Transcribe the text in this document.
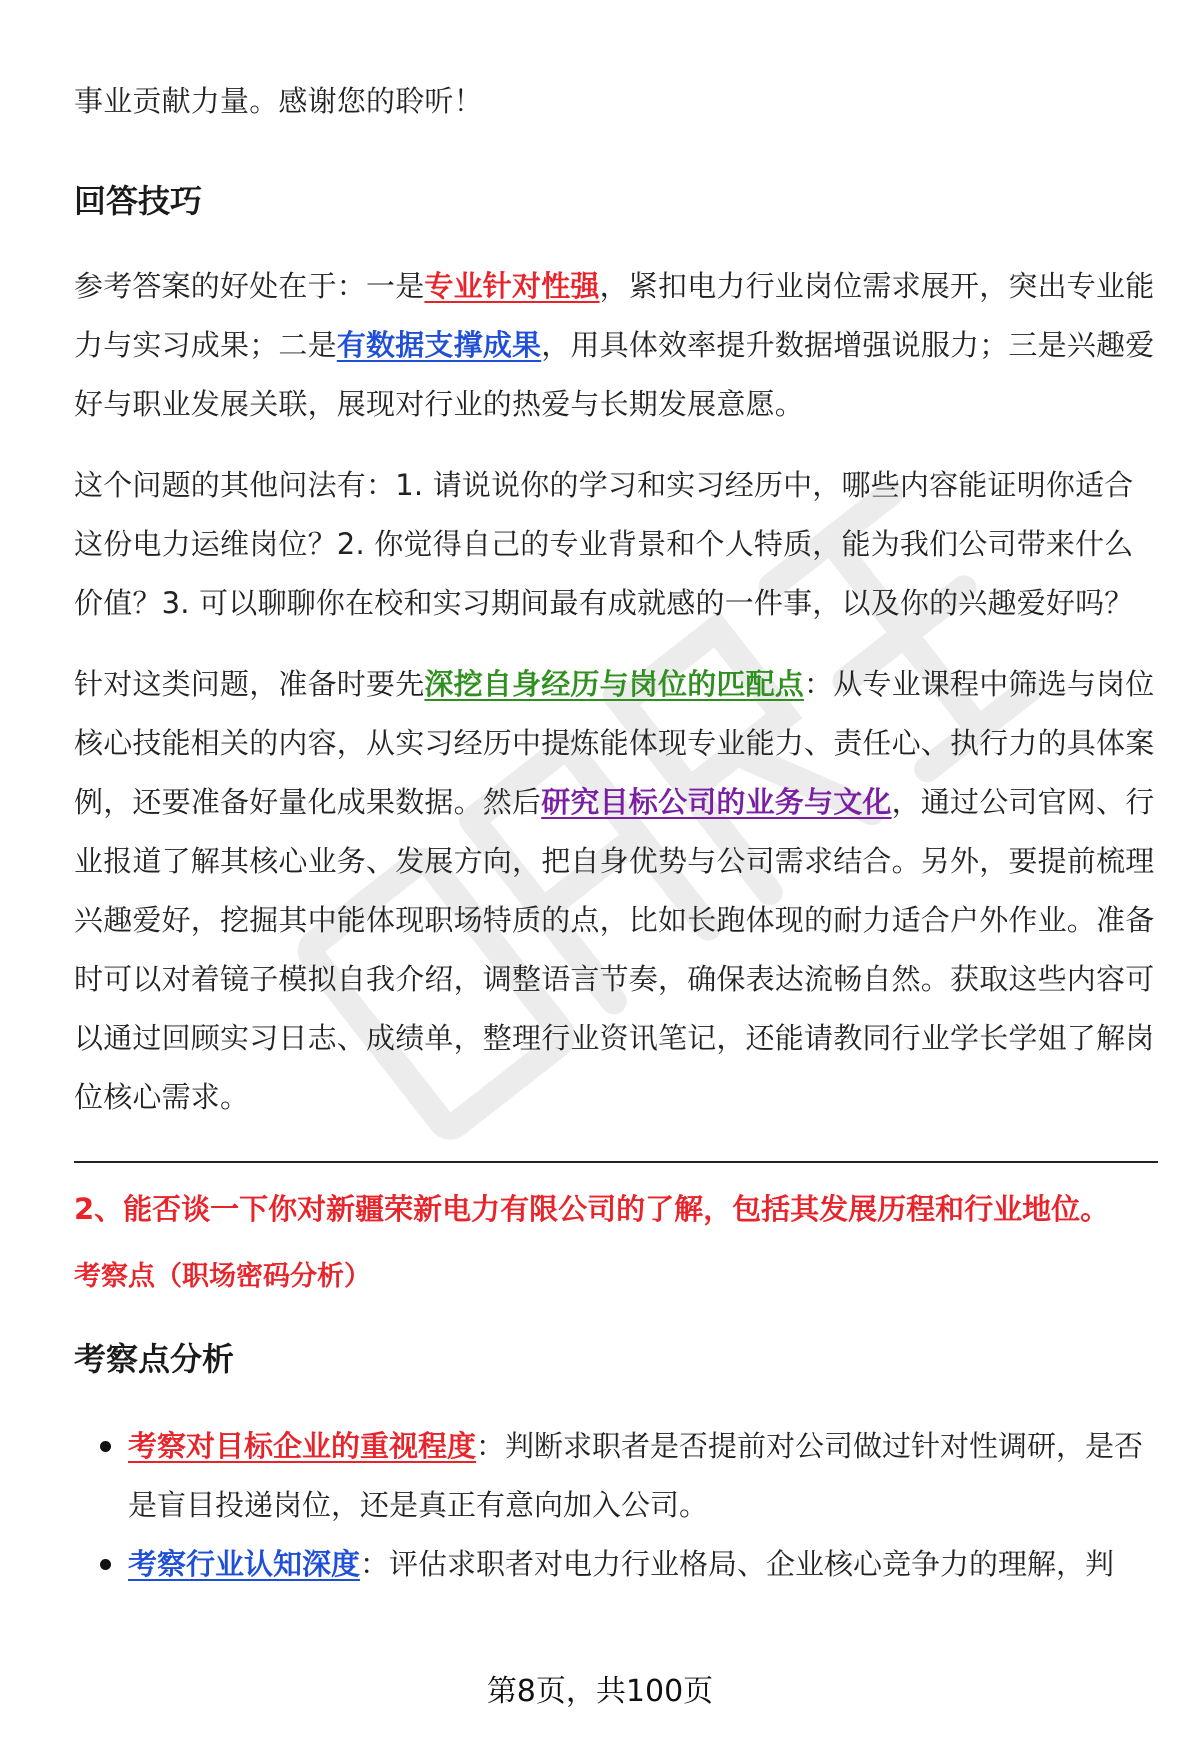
事业贡献力量。感谢您的聆听！

回答技巧

参考答案的好处在于：一是专业针对性强，紧扣电力行业岗位需求展开，突出专业能力与实习成果；二是有数据支撑成果，用具体效率提升数据增强说服力；三是兴趣爱好与职业发展关联，展现对行业的热爱与长期发展意愿。

这个问题的其他问法有：1. 请说说你的学习和实习经历中，哪些内容能证明你适合这份电力运维岗位？2. 你觉得自己的专业背景和个人特质，能为我们公司带来什么价值？3. 可以聊聊你在校和实习期间最有成就感的一件事，以及你的兴趣爱好吗？

针对这类问题，准备时要先深挖自身经历与岗位的匹配点：从专业课程中筛选与岗位核心技能相关的内容，从实习经历中提炼能体现专业能力、责任心、执行力的具体案例，还要准备好量化成果数据。然后研究目标公司的业务与文化，通过公司官网、行业报道了解其核心业务、发展方向，把自身优势与公司需求结合。另外，要提前梳理兴趣爱好，挖掘其中能体现职场特质的点，比如长跑体现的耐力适合户外作业。准备时可以对着镜子模拟自我介绍，调整语言节奏，确保表达流畅自然。获取这些内容可以通过回顾实习日志、成绩单，整理行业资讯笔记，还能请教同行业学长学姐了解岗位核心需求。

2、能否谈一下你对新疆荣新电力有限公司的了解，包括其发展历程和行业地位。

考察点（职场密码分析）

考察点分析
考察对目标企业的重视程度：判断求职者是否提前对公司做过针对性调研，是否是盲目投递岗位，还是真正有意向加入公司。
考察行业认知深度：评估求职者对电力行业格局、企业核心竞争力的理解，判
第8页，共100页
